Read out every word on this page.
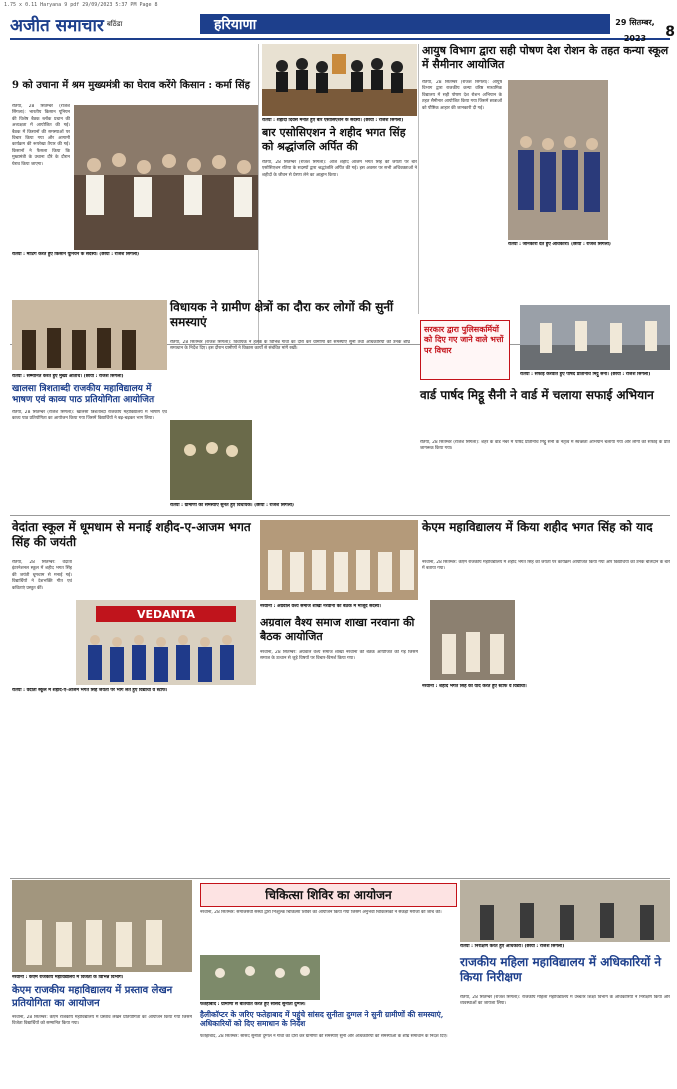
1.75 x 0.11 Haryana 9 pdf 29/09/2023 5:37 PM Page 8
अजीत समाचार बठिंडा	हरियाणा	29 सितम्बर, 2023	8
9 को उचाना में श्रम मुख्यमंत्री का घेराव करेंगे किसान : कर्मा सिंह
रतिया, 28 सितम्बर (राजेश सिंगला): भारतीय किसान यूनियन की विशेष बैठक ब्लॉक प्रधान की अध्यक्षता में आयोजित की गई। बैठक में किसानों की समस्याओं पर विचार किया गया और आगामी कार्यक्रम की रूपरेखा तैयार की गई। किसानों ने फैसला किया कि मुख्यमंत्री के उचाना दौरे के दौरान घेराव किया जाएगा।
रतिया : मीटिंग करते हुए किसान यूनियन के सदस्य। (छाया : राजेश सिंगला)
रतिया : शहीदी दिवस मनाते हुए बार एसोसिएशन के सदस्य। (छाया : राजेश सिंगला)
बार एसोसिएशन ने शहीद भगत सिंह को श्रद्धांजलि अर्पित की
रतिया, 28 सितम्बर (राजेश सिंगला): आज शहीद आजम भगत सिंह की जयंती पर बार एसोसिएशन रतिया के सदस्यों द्वारा श्रद्धांजलि अर्पित की गई। इस अवसर पर सभी अधिवक्ताओं ने शहीदों के जीवन से प्रेरणा लेने का आह्वान किया।
आयुष विभाग द्वारा सही पोषण देश रोशन के तहत कन्या स्कूल में सैमीनार आयोजित
रतिया, 28 सितम्बर (राजेश सिंगला): आयुष विभाग द्वारा राजकीय कन्या वरिष्ठ माध्यमिक विद्यालय में सही पोषण देश रोशन अभियान के तहत सैमीनार आयोजित किया गया जिसमें छात्राओं को पौष्टिक आहार की जानकारी दी गई।
रतिया : जानकारी देते हुए अधिकारी। (छाया : राजेश सिंगला)
विधायक ने ग्रामीण क्षेत्रों का दौरा कर लोगों की सुनीं समस्याएं
रतिया, 28 सितम्बर (राजेश सिंगला): विधायक ने हलके के विभिन्न गांवों का दौरा कर ग्रामीणों की समस्याएं सुनीं तथा अधिकारियों को उनके शीघ्र समाधान के निर्देश दिए। इस दौरान ग्रामीणों ने विकास कार्यों से संबंधित मांगें रखीं।
रतिया : ग्रामीणों की समस्याएं सुनते हुए विधायक। (छाया : राजेश सिंगला)
रतिया : सम्मानित करते हुए मुख्य अतिथि। (छाया : राजेश सिंगला)
खालसा त्रिशताब्दी राजकीय महाविद्यालय में भाषण एवं काव्य पाठ प्रतियोगिता आयोजित
रतिया, 28 सितम्बर (राजेश सिंगला): खालसा त्रिशताब्दी राजकीय महाविद्यालय में भाषण एवं काव्य पाठ प्रतियोगिता का आयोजन किया गया जिसमें विद्यार्थियों ने बढ़-चढ़कर भाग लिया।
सरकार द्वारा पुलिसकर्मियों को दिए गए जाने वाले भत्तों पर विचार
रतिया : सफाई करवाते हुए पार्षद प्रतिनिधि मिट्ठू सैनी। (छाया : राजेश सिंगला)
वार्ड पार्षद मिट्ठू सैनी ने वार्ड में चलाया सफाई अभियान
रतिया, 28 सितम्बर (राजेश सिंगला): शहर के वार्ड नंबर में पार्षद प्रतिनिधि मिट्ठू सैनी के नेतृत्व में स्वच्छता अभियान चलाया गया और लोगों को सफाई के प्रति जागरूक किया गया।
वेदांता स्कूल में धूमधाम से मनाई शहीद-ए-आजम भगत सिंह की जयंती
रतिया, 28 सितम्बर: वेदांता इंटरनेशनल स्कूल में शहीद भगत सिंह की जयंती धूमधाम से मनाई गई। विद्यार्थियों ने देशभक्ति गीत एवं कविताएं प्रस्तुत कीं।
VEDANTA
रतिया : वेदांता स्कूल में शहीद-ए-आजम भगत सिंह जयंती पर भाग लेते हुए विद्यार्थी व स्टाफ।
नरवाना : अग्रवाल वैश्य समाज शाखा नरवाना की बैठक में मौजूद सदस्य।
अग्रवाल वैश्य समाज शाखा नरवाना की बैठक आयोजित
नरवाना, 28 सितम्बर: अग्रवाल वैश्य समाज शाखा नरवाना की बैठक आयोजित की गई जिसमें समाज के उत्थान से जुड़े विषयों पर विचार-विमर्श किया गया।
केएम महाविद्यालय में किया शहीद भगत सिंह को याद
नरवाना, 28 सितम्बर: केएम राजकीय महाविद्यालय में शहीद भगत सिंह की जयंती पर कार्यक्रम आयोजित किया गया और विद्यार्थियों को उनके बलिदान के बारे में बताया गया।
नरवाना : शहीद भगत सिंह को याद करते हुए स्टाफ व विद्यार्थी।
चिकित्सा शिविर का आयोजन
नरवाना, 28 सितम्बर: समाजसेवी संस्था द्वारा निःशुल्क चिकित्सा शिविर का आयोजन किया गया जिसमें अनुभवी चिकित्सकों ने सैकड़ों मरीजों की जांच की।
नरवाना : केएम राजकीय महाविद्यालय में विजेता के विभिन्न विभाग।
केएम राजकीय महाविद्यालय में प्रस्ताव लेखन प्रतियोगिता का आयोजन
नरवाना, 28 सितम्बर: केएम राजकीय महाविद्यालय में प्रस्ताव लेखन प्रतियोगिता का आयोजन किया गया जिसमें विजेता विद्यार्थियों को सम्मानित किया गया।
फतेहाबाद : ग्रामीणों से बातचीत करते हुए सांसद सुनीता दुग्गल।
हैलीकॉप्टर के जरिए फतेहाबाद में पहुंचे सांसद सुनीता दुग्गल ने सुनी ग्रामीणों की समस्याएं, अधिकारियों को दिए समाधान के निर्देश
फतेहाबाद, 28 सितम्बर: सांसद सुनीता दुग्गल ने गांवों का दौरा कर ग्रामीणों की समस्याएं सुनीं और अधिकारियों को समस्याओं के शीघ्र समाधान के निर्देश दिए।
रतिया : निरीक्षण करते हुए अधिकारी। (छाया : राजेश सिंगला)
राजकीय महिला महाविद्यालय में अधिकारियों ने किया निरीक्षण
रतिया, 28 सितम्बर (राजेश सिंगला): राजकीय महिला महाविद्यालय में उच्चतर शिक्षा विभाग के अधिकारियों ने निरीक्षण किया और व्यवस्थाओं का जायजा लिया।
